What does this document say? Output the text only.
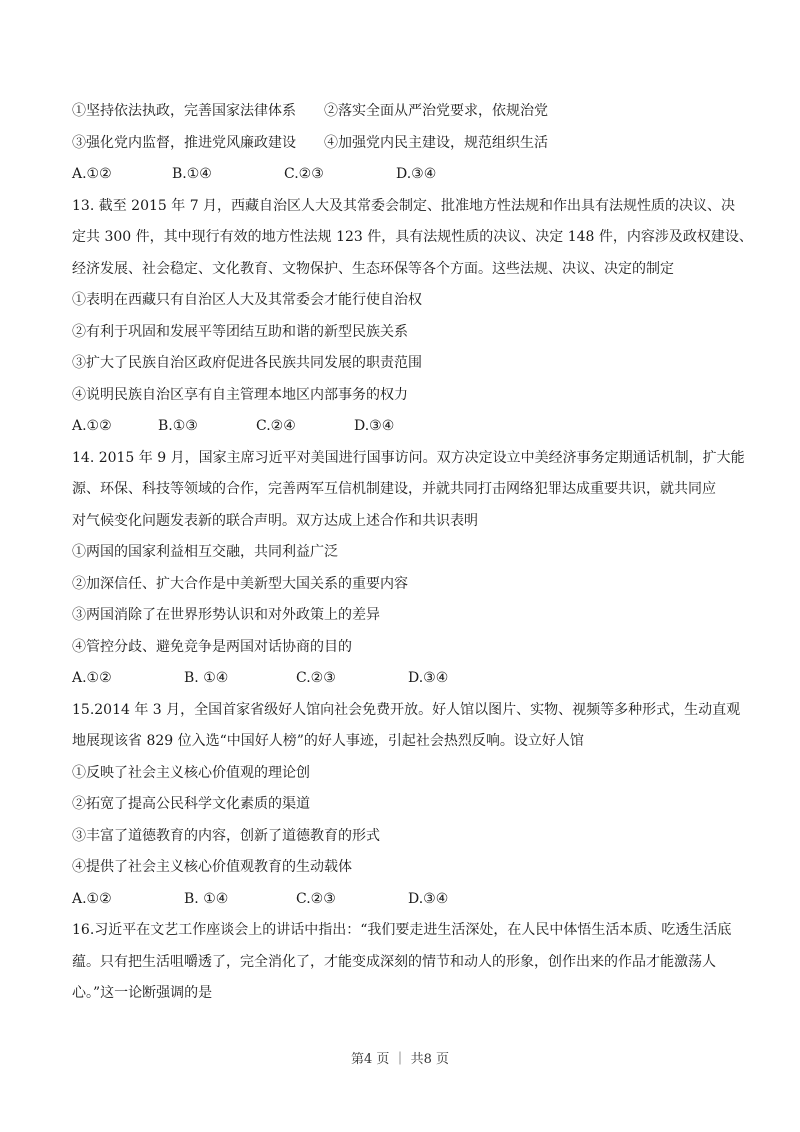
①坚持依法执政，完善国家法律体系	②落实全面从严治党要求，依规治党
③强化党内监督，推进党风廉政建设	④加强党内民主建设，规范组织生活
A.①②	B.①④	C.②③	D.③④
13. 截至 2015 年 7 月，西藏自治区人大及其常委会制定、批准地方性法规和作出具有法规性质的决议、决
定共 300 件，其中现行有效的地方性法规 123 件，具有法规性质的决议、决定 148 件，内容涉及政权建设、
经济发展、社会稳定、文化教育、文物保护、生态环保等各个方面。这些法规、决议、决定的制定
①表明在西藏只有自治区人大及其常委会才能行使自治权
②有利于巩固和发展平等团结互助和谐的新型民族关系
③扩大了民族自治区政府促进各民族共同发展的职责范围
④说明民族自治区享有自主管理本地区内部事务的权力
A.①②	B.①③	C.②④	D.③④
14. 2015 年 9 月，国家主席习近平对美国进行国事访问。双方决定设立中美经济事务定期通话机制，扩大能
源、环保、科技等领域的合作，完善两军互信机制建设，并就共同打击网络犯罪达成重要共识，就共同应
对气候变化问题发表新的联合声明。双方达成上述合作和共识表明
①两国的国家利益相互交融，共同利益广泛
②加深信任、扩大合作是中美新型大国关系的重要内容
③两国消除了在世界形势认识和对外政策上的差异
④管控分歧、避免竞争是两国对话协商的目的
A.①②	B. ①④	C.②③	D.③④
15.2014 年 3 月，全国首家省级好人馆向社会免费开放。好人馆以图片、实物、视频等多种形式，生动直观
地展现该省 829 位入选“中国好人榜”的好人事迹，引起社会热烈反响。设立好人馆
①反映了社会主义核心价值观的理论创
②拓宽了提高公民科学文化素质的渠道
③丰富了道德教育的内容，创新了道德教育的形式
④提供了社会主义核心价值观教育的生动载体
A.①②	B. ①④	C.②③	D.③④
16.习近平在文艺工作座谈会上的讲话中指出：“我们要走进生活深处，在人民中体悟生活本质、吃透生活底
蕴。只有把生活咀嚼透了，完全消化了，才能变成深刻的情节和动人的形象，创作出来的作品才能激荡人
心。”这一论断强调的是
第4 页 ｜ 共8 页
